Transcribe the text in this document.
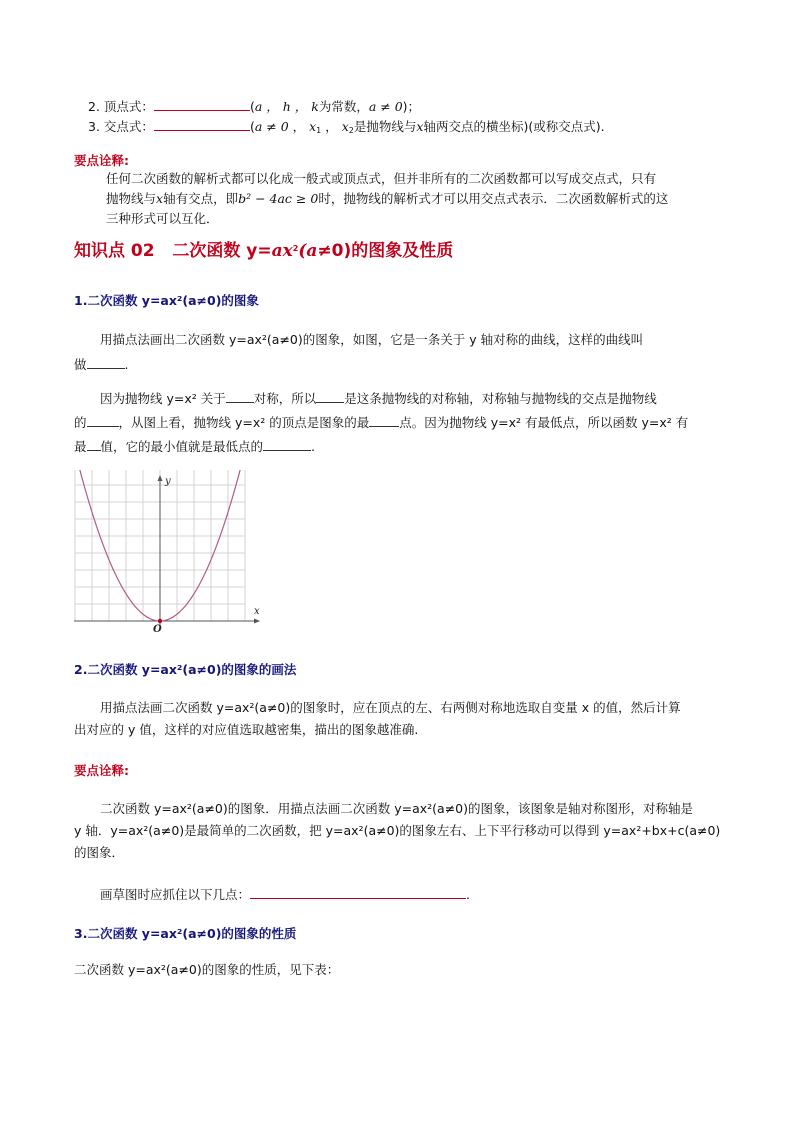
2. 顶点式：	(a ， h ， k为常数，a ≠ 0)；
3. 交点式：	(a ≠ 0 ， $x_1$ ， $x_2$是抛物线与x轴两交点的横坐标)(或称交点式).
要点诠释:
任何二次函数的解析式都可以化成一般式或顶点式，但并非所有的二次函数都可以写成交点式，只有
抛物线与x轴有交点，即b² − 4ac ≥ 0时，抛物线的解析式才可以用交点式表示．二次函数解析式的这
三种形式可以互化．
知识点 02 二次函数 $y=ax^2(a\ne 0)$的图象及性质
1.二次函数 y=ax²(a≠0)的图象
用描点法画出二次函数 y=ax²(a≠0)的图象，如图，它是一条关于 y 轴对称的曲线，这样的曲线叫
做	.
因为抛物线 y=x² 关于 对称，所以 是这条抛物线的对称轴，对称轴与抛物线的交点是抛物线
的	，从图上看，抛物线 y=x² 的顶点是图象的最 点。因为抛物线 y=x² 有最低点，所以函数 y=x² 有
最 值，它的最小值就是最低点的	.
x
y
O
2.二次函数 y=ax²(a≠0)的图象的画法
用描点法画二次函数 y=ax²(a≠0)的图象时，应在顶点的左、右两侧对称地选取自变量 x 的值，然后计算
出对应的 y 值，这样的对应值选取越密集，描出的图象越准确.
要点诠释:
二次函数 y=ax²(a≠0)的图象．用描点法画二次函数 y=ax²(a≠0)的图象，该图象是轴对称图形，对称轴是
y 轴．y=ax²(a≠0)是最简单的二次函数，把 y=ax²(a≠0)的图象左右、上下平行移动可以得到 y=ax²+bx+c(a≠0)
的图象．
画草图时应抓住以下几点：	.
3.二次函数 y=ax²(a≠0)的图象的性质
二次函数 y=ax²(a≠0)的图象的性质，见下表：
